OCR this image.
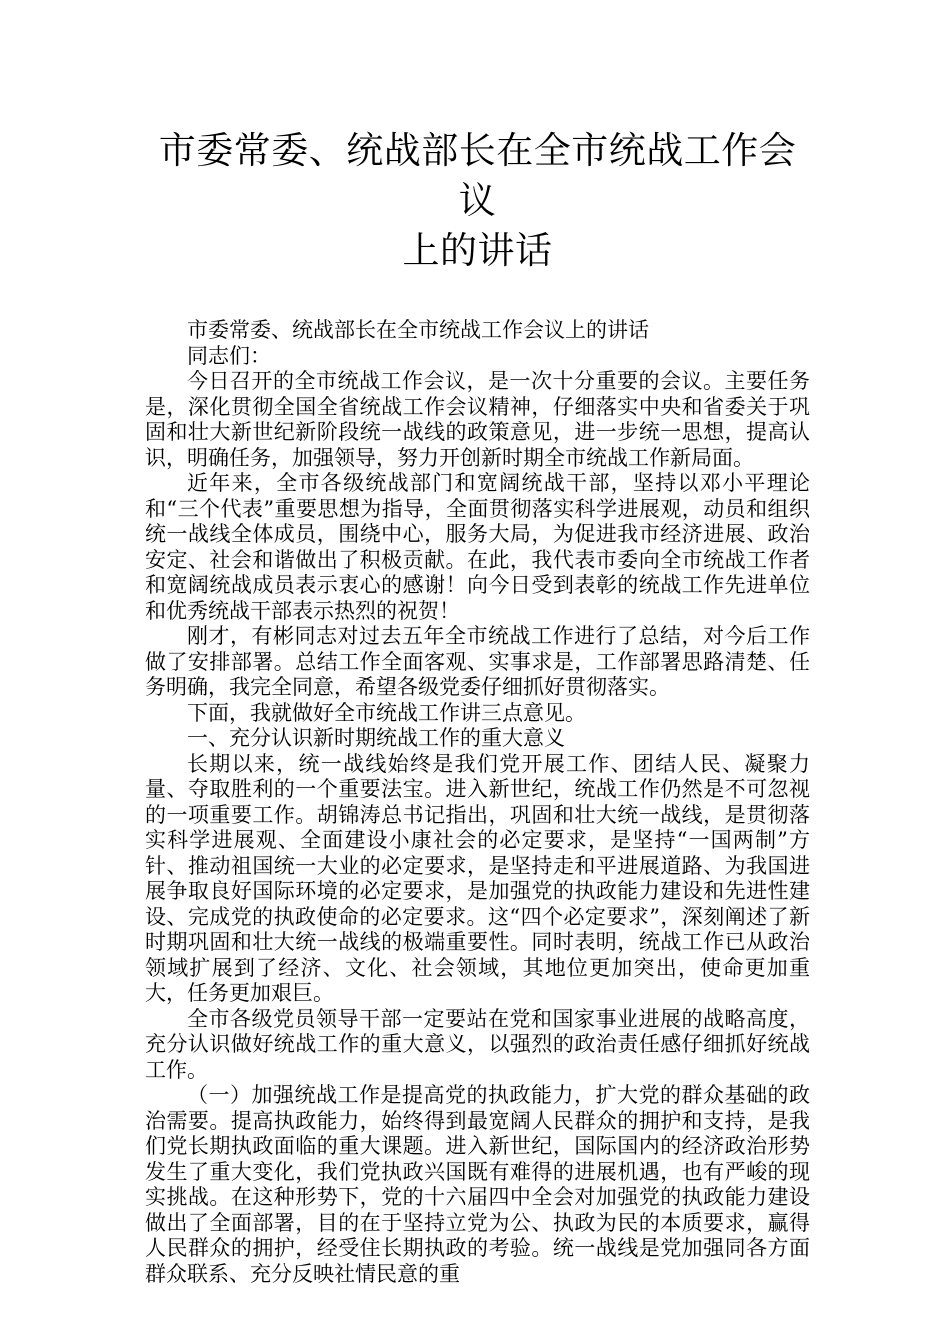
市委常委、统战部长在全市统战工作会议
上的讲话

市委常委、统战部长在全市统战工作会议上的讲话

同志们：

今日召开的全市统战工作会议，是一次十分重要的会议。主要任务是，深化贯彻全国全省统战工作会议精神，仔细落实中央和省委关于巩固和壮大新世纪新阶段统一战线的政策意见，进一步统一思想，提高认识，明确任务，加强领导，努力开创新时期全市统战工作新局面。

近年来，全市各级统战部门和宽阔统战干部，坚持以邓小平理论和“三个代表”重要思想为指导，全面贯彻落实科学进展观，动员和组织统一战线全体成员，围绕中心，服务大局，为促进我市经济进展、政治安定、社会和谐做出了积极贡献。在此，我代表市委向全市统战工作者和宽阔统战成员表示衷心的感谢！向今日受到表彰的统战工作先进单位和优秀统战干部表示热烈的祝贺！

刚才，有彬同志对过去五年全市统战工作进行了总结，对今后工作做了安排部署。总结工作全面客观、实事求是，工作部署思路清楚、任务明确，我完全同意，希望各级党委仔细抓好贯彻落实。

下面，我就做好全市统战工作讲三点意见。

一、充分认识新时期统战工作的重大意义

长期以来，统一战线始终是我们党开展工作、团结人民、凝聚力量、夺取胜利的一个重要法宝。进入新世纪，统战工作仍然是不可忽视的一项重要工作。胡锦涛总书记指出，巩固和壮大统一战线，是贯彻落实科学进展观、全面建设小康社会的必定要求，是坚持“一国两制”方针、推动祖国统一大业的必定要求，是坚持走和平进展道路、为我国进展争取良好国际环境的必定要求，是加强党的执政能力建设和先进性建设、完成党的执政使命的必定要求。这“四个必定要求”，深刻阐述了新时期巩固和壮大统一战线的极端重要性。同时表明，统战工作已从政治领域扩展到了经济、文化、社会领域，其地位更加突出，使命更加重大，任务更加艰巨。

全市各级党员领导干部一定要站在党和国家事业进展的战略高度，充分认识做好统战工作的重大意义，以强烈的政治责任感仔细抓好统战工作。

（一）加强统战工作是提高党的执政能力，扩大党的群众基础的政治需要。提高执政能力，始终得到最宽阔人民群众的拥护和支持，是我们党长期执政面临的重大课题。进入新世纪，国际国内的经济政治形势发生了重大变化，我们党执政兴国既有难得的进展机遇，也有严峻的现实挑战。在这种形势下，党的十六届四中全会对加强党的执政能力建设做出了全面部署，目的在于坚持立党为公、执政为民的本质要求，赢得人民群众的拥护，经受住长期执政的考验。统一战线是党加强同各方面群众联系、充分反映社情民意的重
